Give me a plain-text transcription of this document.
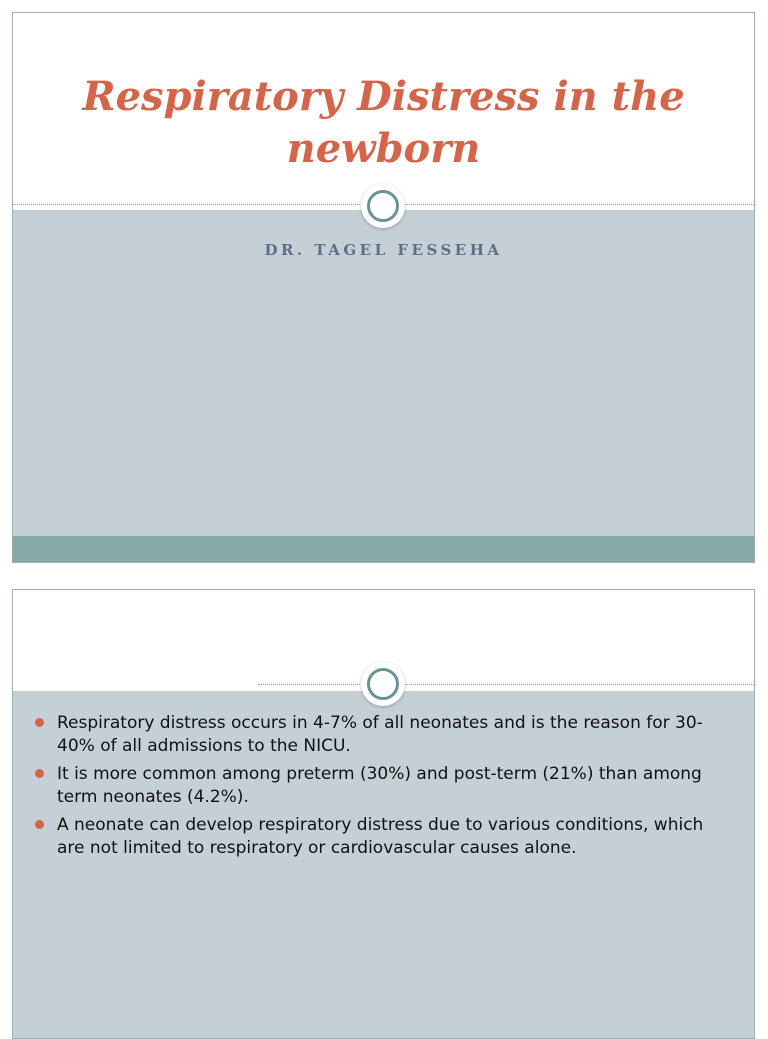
Respiratory Distress in the newborn
DR. TAGEL FESSEHA
Respiratory distress occurs in 4-7% of all neonates and is the reason for 30-40% of all admissions to the NICU.
It is more common among preterm (30%) and post-term (21%) than among term neonates (4.2%).
A neonate can develop respiratory distress due to various conditions, which are not limited to respiratory or cardiovascular causes alone.
